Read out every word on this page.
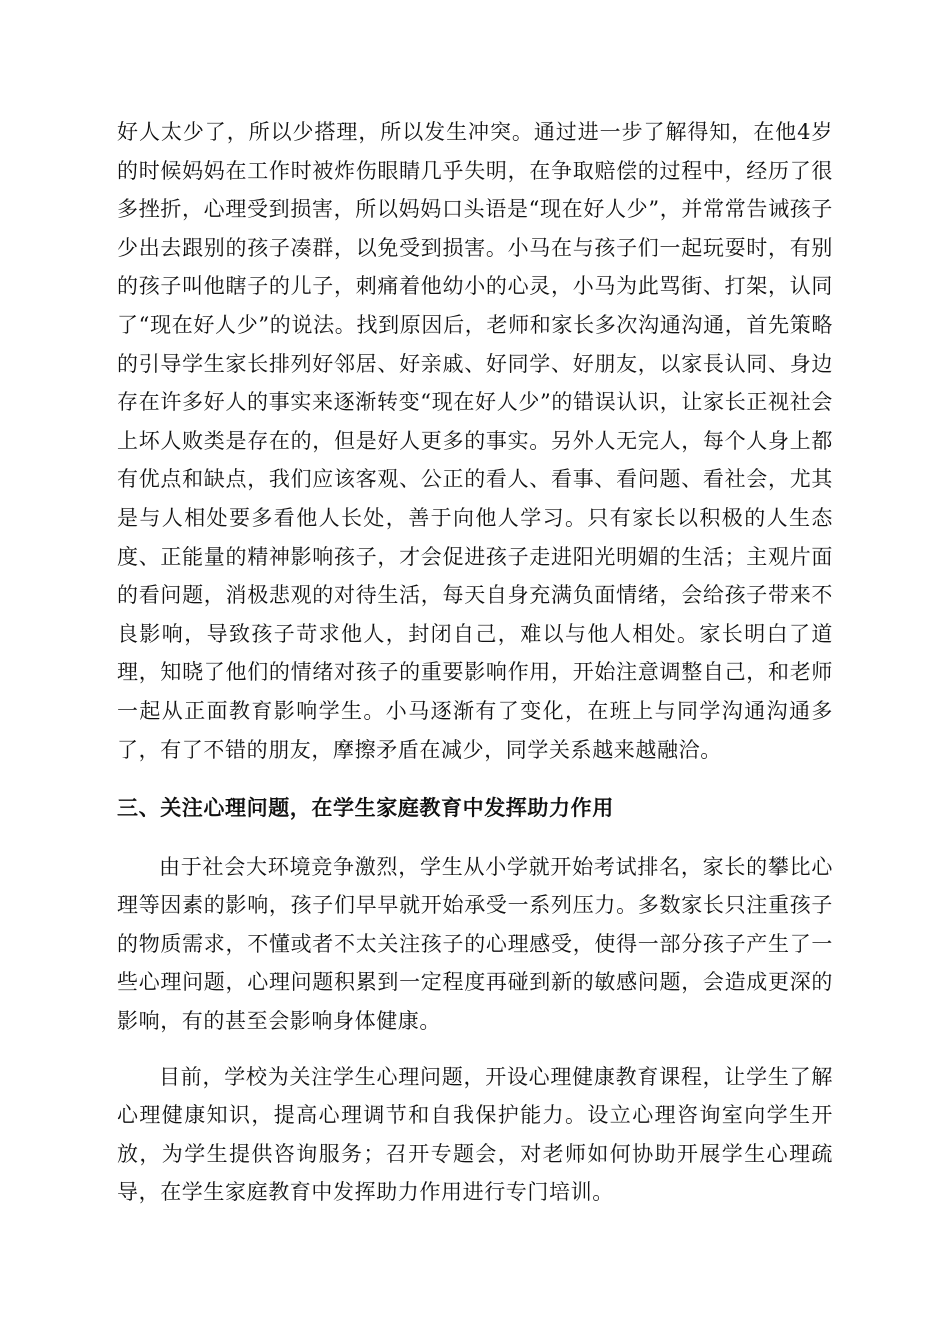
好人太少了，所以少搭理，所以发生冲突。通过进一步了解得知，在他4岁的时候妈妈在工作时被炸伤眼睛几乎失明，在争取赔偿的过程中，经历了很多挫折，心理受到损害，所以妈妈口头语是“现在好人少”，并常常告诫孩子少出去跟别的孩子凑群，以免受到损害。小马在与孩子们一起玩耍时，有别的孩子叫他瞎子的儿子，刺痛着他幼小的心灵，小马为此骂街、打架，认同了“现在好人少”的说法。找到原因后，老师和家长多次沟通沟通，首先策略的引导学生家长排列好邻居、好亲戚、好同学、好朋友，以家長认同、身边存在许多好人的事实来逐渐转变“现在好人少”的错误认识，让家长正视社会上坏人败类是存在的，但是好人更多的事实。另外人无完人，每个人身上都有优点和缺点，我们应该客观、公正的看人、看事、看问题、看社会，尤其是与人相处要多看他人长处，善于向他人学习。只有家长以积极的人生态度、正能量的精神影响孩子，才会促进孩子走进阳光明媚的生活；主观片面的看问题，消极悲观的对待生活，每天自身充满负面情绪，会给孩子带来不良影响，导致孩子苛求他人，封闭自己，难以与他人相处。家长明白了道理，知晓了他们的情绪对孩子的重要影响作用，开始注意调整自己，和老师一起从正面教育影响学生。小马逐渐有了变化，在班上与同学沟通沟通多了，有了不错的朋友，摩擦矛盾在减少，同学关系越来越融洽。

三、关注心理问题，在学生家庭教育中发挥助力作用

由于社会大环境竞争激烈，学生从小学就开始考试排名，家长的攀比心理等因素的影响，孩子们早早就开始承受一系列压力。多数家长只注重孩子的物质需求，不懂或者不太关注孩子的心理感受，使得一部分孩子产生了一些心理问题，心理问题积累到一定程度再碰到新的敏感问题，会造成更深的影响，有的甚至会影响身体健康。

目前，学校为关注学生心理问题，开设心理健康教育课程，让学生了解心理健康知识，提高心理调节和自我保护能力。设立心理咨询室向学生开放，为学生提供咨询服务；召开专题会，对老师如何协助开展学生心理疏导，在学生家庭教育中发挥助力作用进行专门培训。
